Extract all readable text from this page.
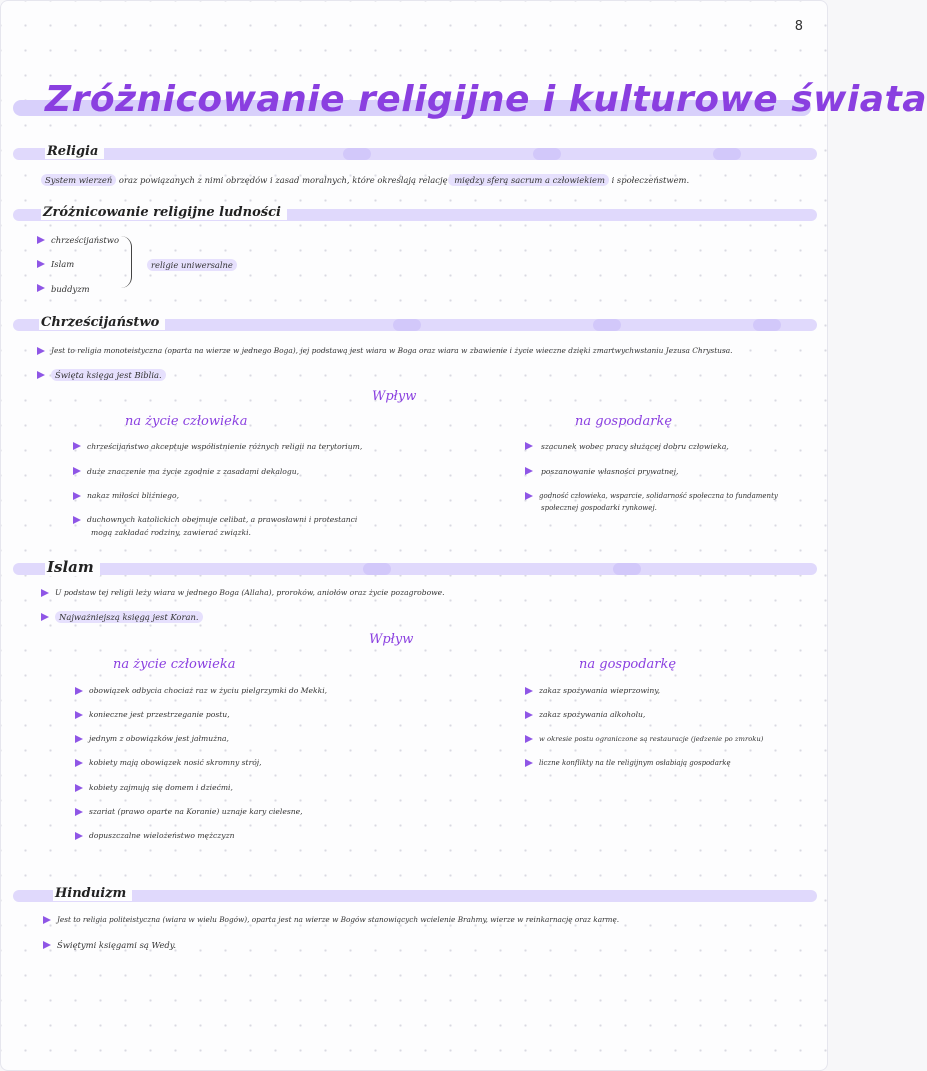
8
Zróżnicowanie religijne i kulturowe świata
Religia
System wierzeń oraz powiązanych z nimi obrzędów i zasad moralnych, które określają relację między sferą sacrum a człowiekiem i społeczeństwem.
Zróżnicowanie religijne ludności
chrześcijaństwo
Islam
buddyzm
religie uniwersalne
Chrześcijaństwo
Jest to religia monoteistyczna (oparta na wierze w jednego Boga), jej podstawą jest wiara w Boga oraz wiara w zbawienie i życie wieczne dzięki zmartwychwstaniu Jezusa Chrystusa.
Święta księga jest Biblia.
Wpływ
na życie człowieka	na gospodarkę
chrześcijaństwo akceptuje współistnienie różnych religii na terytorium,
duże znaczenie ma życie zgodnie z zasadami dekalogu,
nakaz miłości bliźniego,
duchownych katolickich obejmuje celibat, a prawosławni i protestanci
mogą zakładać rodziny, zawierać związki.
szacunek wobec pracy służącej dobru człowieka,
poszanowanie własności prywatnej,
godność człowieka, wsparcie, solidarność społeczna to fundamenty
społecznej gospodarki rynkowej.
Islam
U podstaw tej religii leży wiara w jednego Boga (Allaha), proroków, aniołów oraz życie pozagrobowe.
Najważniejszą księgą jest Koran.
Wpływ
na życie człowieka	na gospodarkę
obowiązek odbycia chociaż raz w życiu pielgrzymki do Mekki,
konieczne jest przestrzeganie postu,
jednym z obowiązków jest jałmużna,
kobiety mają obowiązek nosić skromny strój,
kobiety zajmują się domem i dziećmi,
szariat (prawo oparte na Koranie) uznaje kary cielesne,
dopuszczalne wielożeństwo mężczyzn
zakaz spożywania wieprzowiny,
zakaz spożywania alkoholu,
w okresie postu ograniczone są restauracje (jedzenie po zmroku)
liczne konflikty na tle religijnym osłabiają gospodarkę
Hinduizm
Jest to religia politeistyczna (wiara w wielu Bogów), oparta jest na wierze w Bogów stanowiących wcielenie Brahmy, wierze w reinkarnację oraz karmę.
Świętymi księgami są Wedy.
